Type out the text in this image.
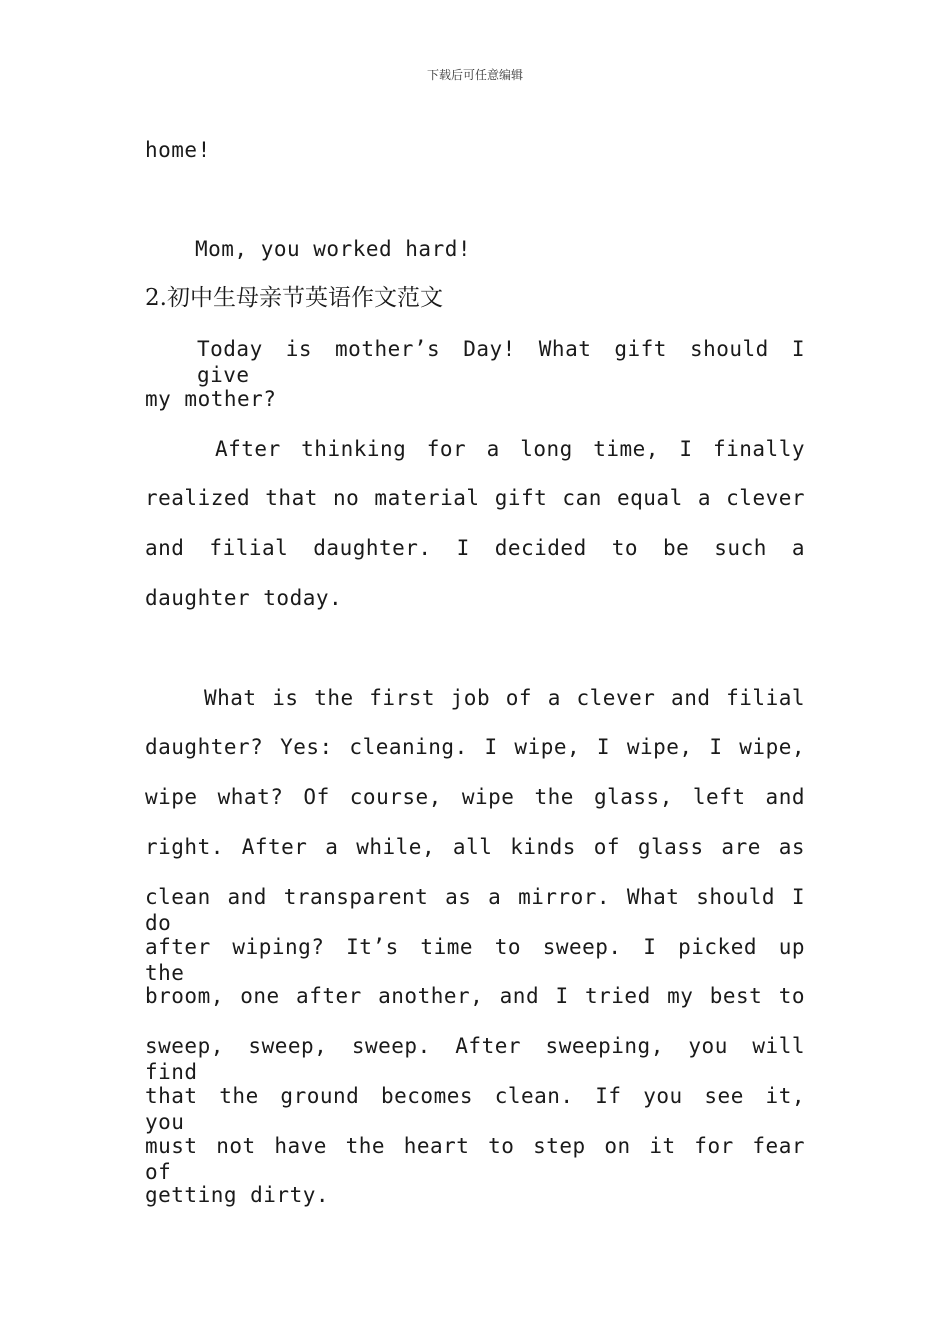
下载后可任意编辑
home!
Mom, you worked hard!
2.初中生母亲节英语作文范文
Today is mother’s Day! What gift should I give
my mother?
After thinking for a long time, I finally
realized that no material gift can equal a clever
and filial daughter. I decided to be such a
daughter today.
What is the first job of a clever and filial
daughter? Yes: cleaning. I wipe, I wipe, I wipe,
wipe what? Of course, wipe the glass, left and
right. After a while, all kinds of glass are as
clean and transparent as a mirror. What should I do
after wiping? It’s time to sweep. I picked up the
broom, one after another, and I tried my best to
sweep, sweep, sweep. After sweeping, you will find
that the ground becomes clean. If you see it, you
must not have the heart to step on it for fear of
getting dirty.
